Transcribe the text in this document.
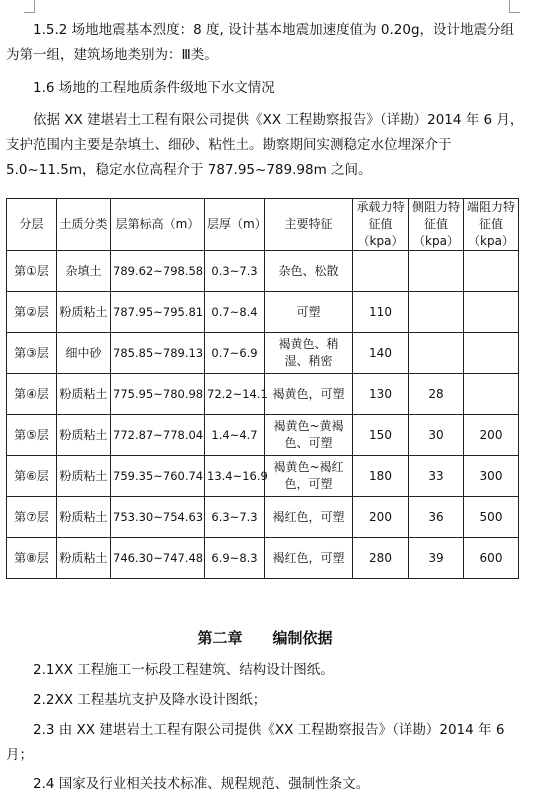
1.5.2 场地地震基本烈度：8 度, 设计基本地震加速度值为 0.20g，设计地震分组为第一组，建筑场地类别为：Ⅲ类。

1.6 场地的工程地质条件级地下水文情况

依据 XX 建堪岩土工程有限公司提供《XX 工程勘察报告》（详勘）2014 年 6 月，支护范围内主要是杂填土、细砂、粘性土。勘察期间实测稳定水位埋深介于 5.0~11.5m，稳定水位高程介于 787.95~789.98m 之间。

分层	土质分类	层第标高（m）	层厚（m）	主要特征	承载力特征值（kpa）	侧阻力特征值（kpa）	端阻力特征值（kpa）
第①层	杂填土	789.62~798.58	0.3~7.3	杂色、松散			
第②层	粉质粘土	787.95~795.81	0.7~8.4	可塑	110		
第③层	细中砂	785.85~789.13	0.7~6.9	褐黄色、稍湿、稍密	140		
第④层	粉质粘土	775.95~780.98	72.2~14.1	褐黄色，可塑	130	28	
第⑤层	粉质粘土	772.87~778.04	1.4~4.7	褐黄色~黄褐色、可塑	150	30	200
第⑥层	粉质粘土	759.35~760.74	13.4~16.9	褐黄色~褐红色，可塑	180	33	300
第⑦层	粉质粘土	753.30~754.63	6.3~7.3	褐红色，可塑	200	36	500
第⑧层	粉质粘土	746.30~747.48	6.9~8.3	褐红色，可塑	280	39	600
第二章 编制依据

2.1XX 工程施工一标段工程建筑、结构设计图纸。

2.2XX 工程基坑支护及降水设计图纸；

2.3 由 XX 建堪岩土工程有限公司提供《XX 工程勘察报告》（详勘）2014 年 6 月；

2.4 国家及行业相关技术标准、规程规范、强制性条文。
